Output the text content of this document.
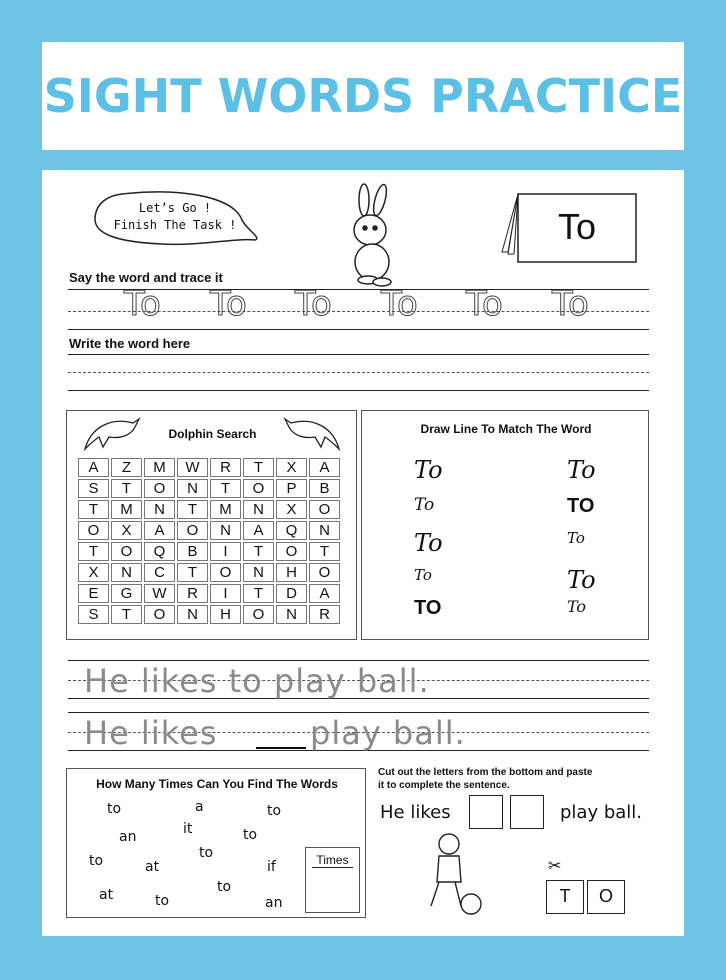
SIGHT WORDS PRACTICE
Let’s Go !
Finish The Task !	To
Say the word and trace it
To To To To To To
Write the word here
Dolphin Search
A	Z	M	W	R	T	X	A
S	T	O	N	T	O	P	B
T	M	N	T	M	N	X	O
O	X	A	O	N	A	Q	N
T	O	Q	B	I	T	O	T
X	N	C	T	O	N	H	O
E	G	W	R	I	T	D	A
S	T	O	N	H	O	N	R
Draw Line To Match The Word
To
To
To
To
TO
To
TO
To
To
To
He likes to play ball.
He likes	play ball.
How Many Times Can You Find The Words
Times
to	a	to
an	it	to
to	at
to
if
at	to
to
an
Cut out the letters from the bottom and paste
it to complete the sentence.
He likes	play ball.
✂
T	O
